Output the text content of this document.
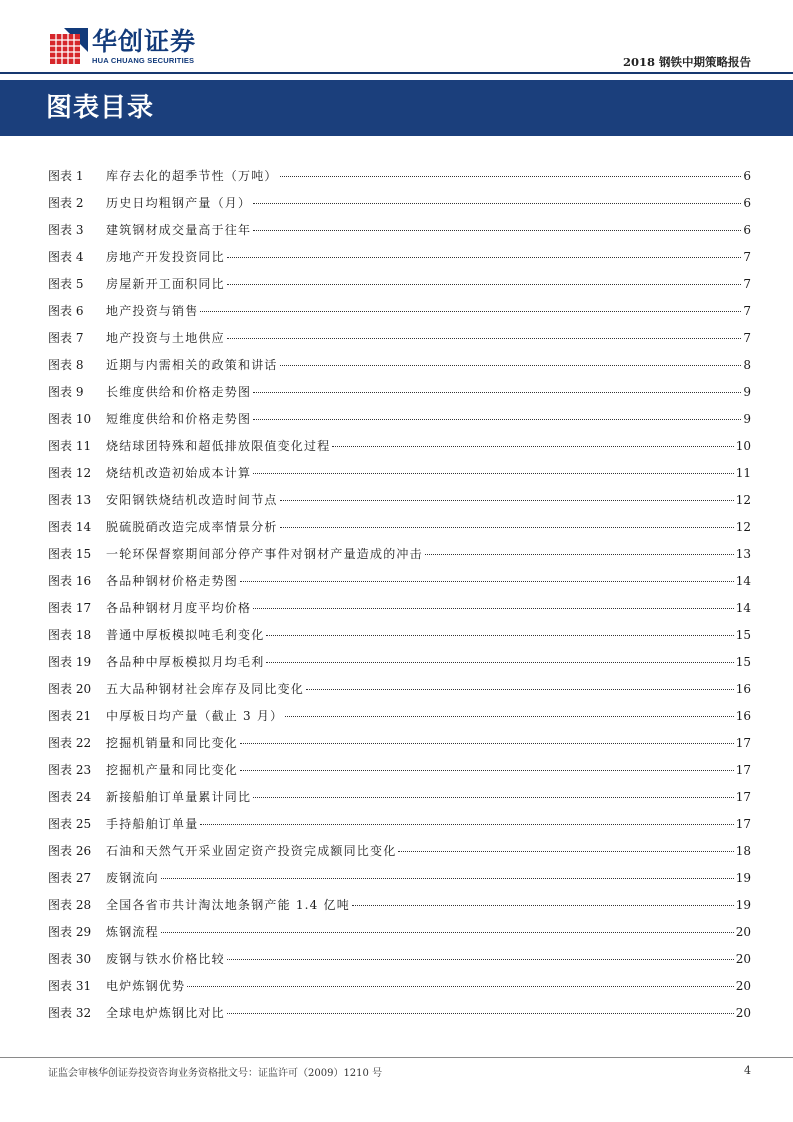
华创证券
HUA CHUANG SECURITIES	2018 钢铁中期策略报告
图表目录
图表 1	库存去化的超季节性（万吨）	6
图表 2	历史日均粗钢产量（月）	6
图表 3	建筑钢材成交量高于往年	6
图表 4	房地产开发投资同比	7
图表 5	房屋新开工面积同比	7
图表 6	地产投资与销售	7
图表 7	地产投资与土地供应	7
图表 8	近期与内需相关的政策和讲话	8
图表 9	长维度供给和价格走势图	9
图表 10	短维度供给和价格走势图	9
图表 11	烧结球团特殊和超低排放限值变化过程	10
图表 12	烧结机改造初始成本计算	11
图表 13	安阳钢铁烧结机改造时间节点	12
图表 14	脱硫脱硝改造完成率情景分析	12
图表 15	一轮环保督察期间部分停产事件对钢材产量造成的冲击	13
图表 16	各品种钢材价格走势图	14
图表 17	各品种钢材月度平均价格	14
图表 18	普通中厚板模拟吨毛利变化	15
图表 19	各品种中厚板模拟月均毛利	15
图表 20	五大品种钢材社会库存及同比变化	16
图表 21	中厚板日均产量（截止 3 月）	16
图表 22	挖掘机销量和同比变化	17
图表 23	挖掘机产量和同比变化	17
图表 24	新接船舶订单量累计同比	17
图表 25	手持船舶订单量	17
图表 26	石油和天然气开采业固定资产投资完成额同比变化	18
图表 27	废钢流向	19
图表 28	全国各省市共计淘汰地条钢产能 1.4 亿吨	19
图表 29	炼钢流程	20
图表 30	废钢与铁水价格比较	20
图表 31	电炉炼钢优势	20
图表 32	全球电炉炼钢比对比	20
证监会审核华创证券投资咨询业务资格批文号：证监许可（2009）1210 号	4
